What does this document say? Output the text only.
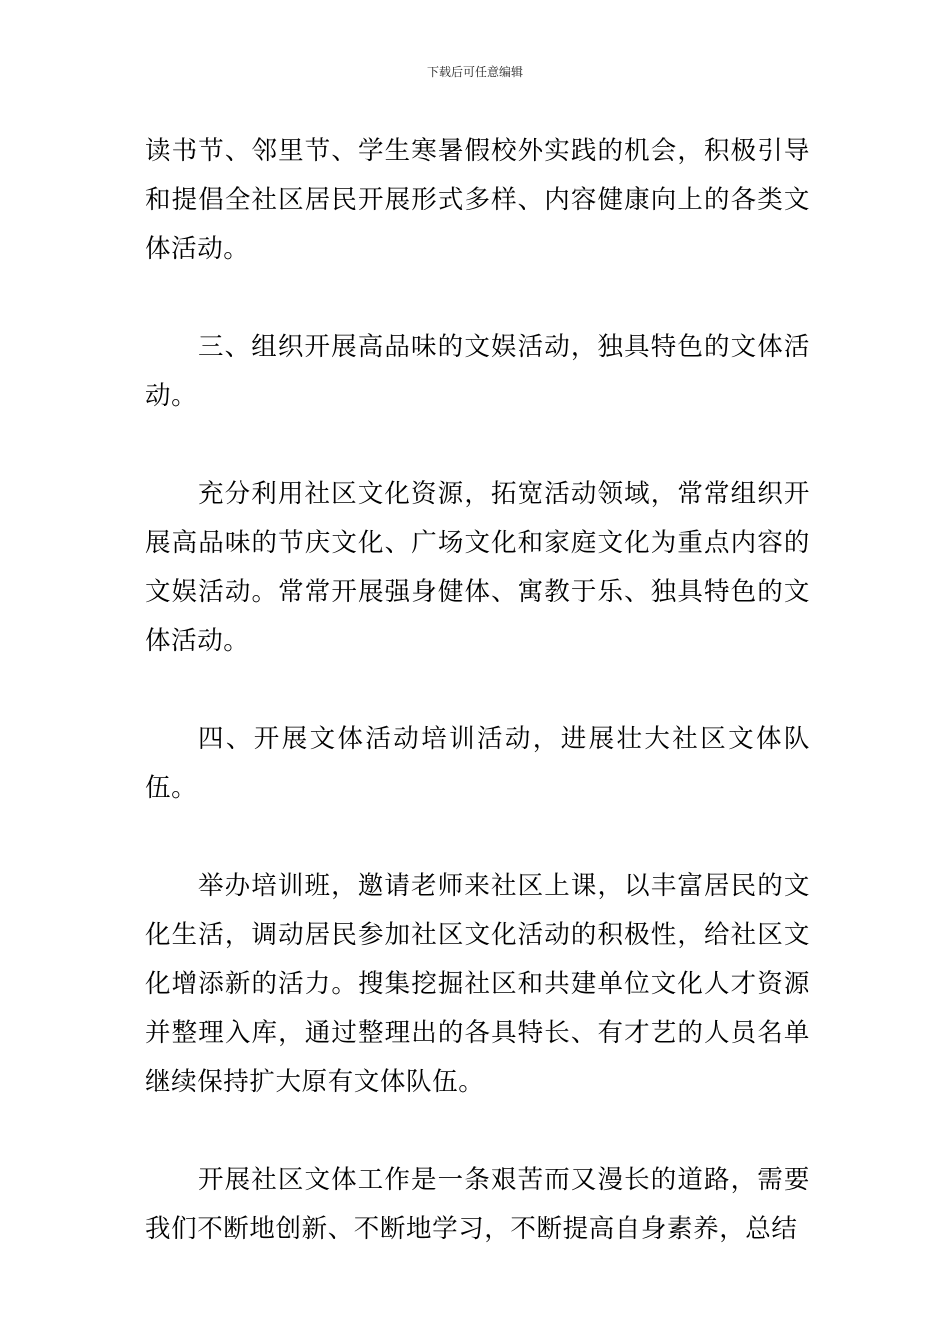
下载后可任意编辑

读书节、邻里节、学生寒暑假校外实践的机会，积极引导和提倡全社区居民开展形式多样、内容健康向上的各类文体活动。

三、组织开展高品味的文娱活动，独具特色的文体活动。

充分利用社区文化资源，拓宽活动领域，常常组织开展高品味的节庆文化、广场文化和家庭文化为重点内容的文娱活动。常常开展强身健体、寓教于乐、独具特色的文体活动。

四、开展文体活动培训活动，进展壮大社区文体队伍。

举办培训班，邀请老师来社区上课，以丰富居民的文化生活，调动居民参加社区文化活动的积极性，给社区文化增添新的活力。搜集挖掘社区和共建单位文化人才资源并整理入库，通过整理出的各具特长、有才艺的人员名单继续保持扩大原有文体队伍。

开展社区文体工作是一条艰苦而又漫长的道路，需要我们不断地创新、不断地学习，不断提高自身素养，总结
